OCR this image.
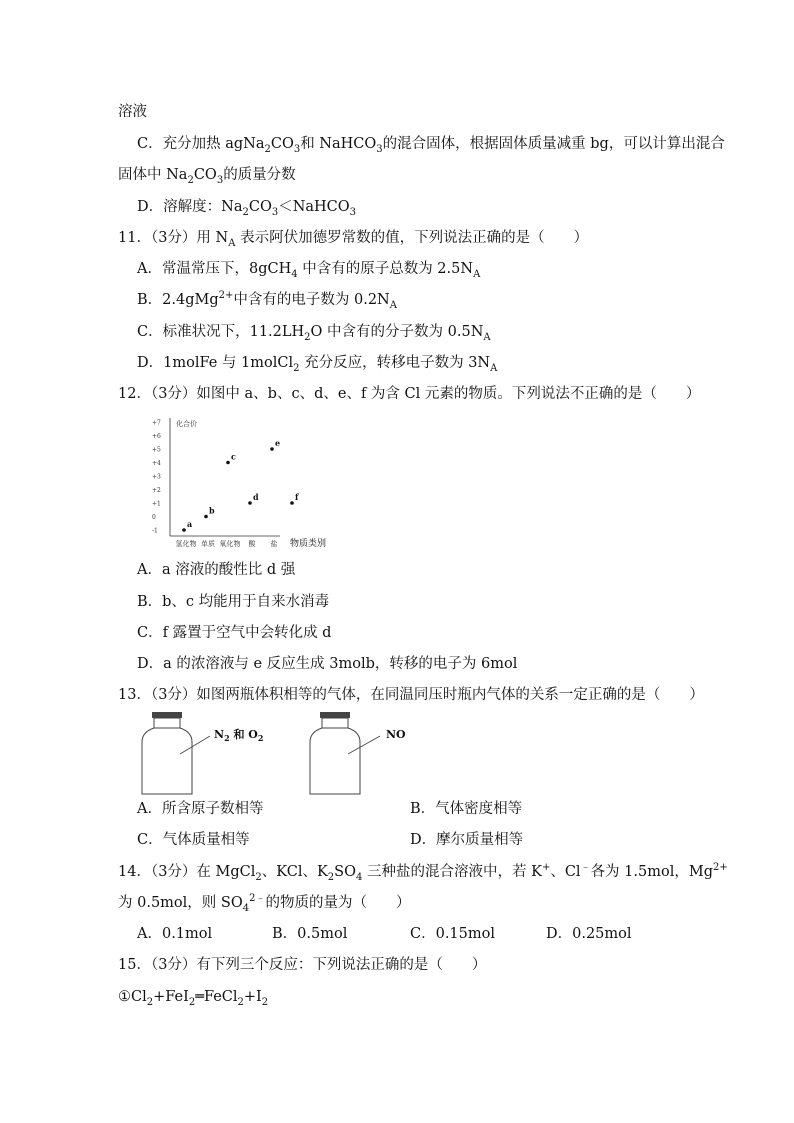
溶液
C．充分加热 $agNa_2CO_3$和 NaHCO$_3$的混合固体，根据固体质量减重 bg，可以计算出混合
固体中 $Na_2CO_3$的质量分数
D．溶解度：$Na_2CO_3<NaHCO_3$
11．（3分）用 $N_A$ 表示阿伏加德罗常数的值，下列说法正确的是（　　）
A．常温常压下，8gCH$_4$ 中含有的原子总数为 $2.5N_A$
B．2.4gMg$^{2+}$中含有的电子数为 $0.2N_A$
C．标准状况下，$11.2LH_2O$ 中含有的分子数为 $0.5N_A$
D．1molFe 与 1molCl$_2$ 充分反应，转移电子数为 $3N_A$
12．（3分）如图中 a、b、c、d、e、f 为含 Cl 元素的物质。下列说法不正确的是（　　）
化合价
物质类别
+7
+6
+5
+4
+3
+2
+1
0
-1
氢化物 单质 氧化物 酸 盐
a
b
c
d
e
f
A．a 溶液的酸性比 d 强
B．b、c 均能用于自来水消毒
C．f 露置于空气中会转化成 d
D．a 的浓溶液与 e 反应生成 3molb，转移的电子为 6mol
13．（3分）如图两瓶体积相等的气体，在同温同压时瓶内气体的关系一定正确的是（　　）
$N_2$ 和 $O_2$	NO
A．所含原子数相等	B．气体密度相等
C．气体质量相等	D．摩尔质量相等
14．（3分）在 MgCl$_2$、KCl、$K_2SO_4$ 三种盐的混合溶液中，若 K+、Cl﹣各为 1.5mol，$Mg^{2+}$
为 0.5mol，则 $SO_4^{2﹣}$的物质的量为（　　）
A．0.1mol	B．0.5mol	C．0.15mol	D．0.25mol
15．（3分）有下列三个反应：下列说法正确的是（　　）
$①Cl_2+FeI_2═FeCl_2+I_2$
